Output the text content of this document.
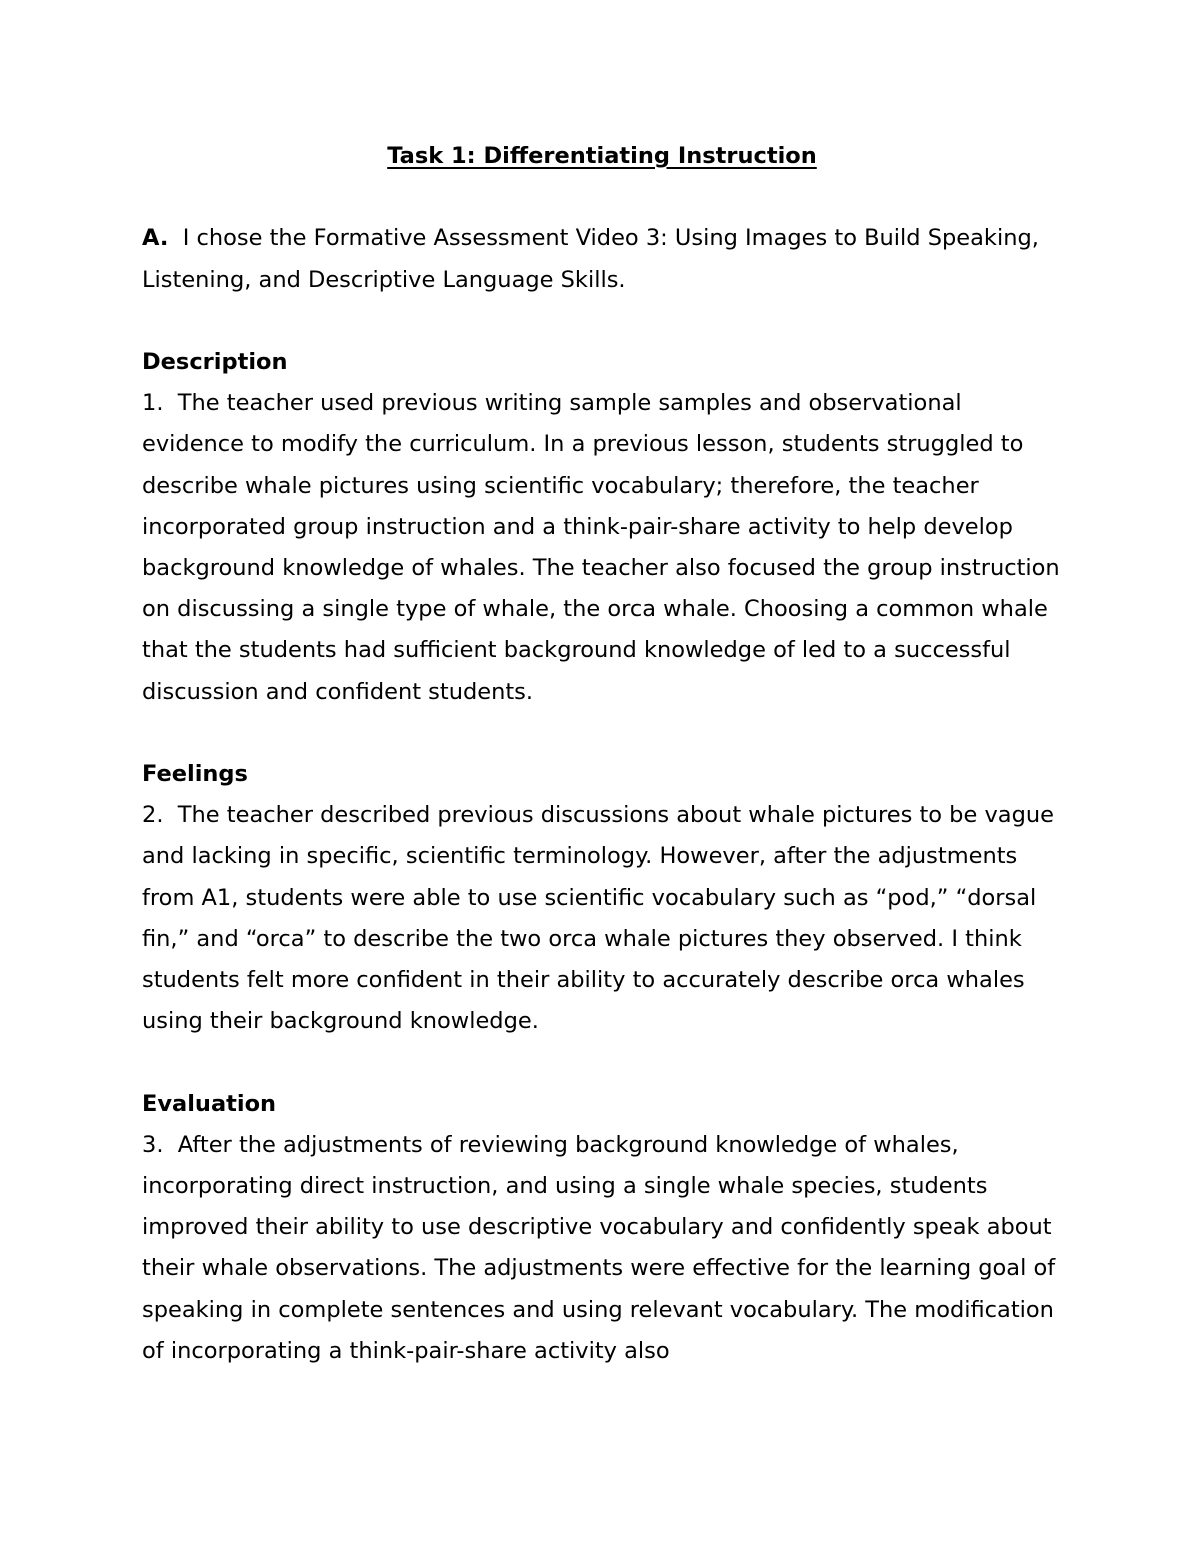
Task 1: Differentiating Instruction

A. I chose the Formative Assessment Video 3: Using Images to Build Speaking, Listening, and Descriptive Language Skills.

Description

1. The teacher used previous writing sample samples and observational evidence to modify the curriculum. In a previous lesson, students struggled to describe whale pictures using scientific vocabulary; therefore, the teacher incorporated group instruction and a think-pair-share activity to help develop background knowledge of whales. The teacher also focused the group instruction on discussing a single type of whale, the orca whale. Choosing a common whale that the students had sufficient background knowledge of led to a successful discussion and confident students.

Feelings

2. The teacher described previous discussions about whale pictures to be vague and lacking in specific, scientific terminology. However, after the adjustments from A1, students were able to use scientific vocabulary such as “pod,” “dorsal fin,” and “orca” to describe the two orca whale pictures they observed. I think students felt more confident in their ability to accurately describe orca whales using their background knowledge.

Evaluation

3. After the adjustments of reviewing background knowledge of whales, incorporating direct instruction, and using a single whale species, students improved their ability to use descriptive vocabulary and confidently speak about their whale observations. The adjustments were effective for the learning goal of speaking in complete sentences and using relevant vocabulary. The modification of incorporating a think-pair-share activity also
